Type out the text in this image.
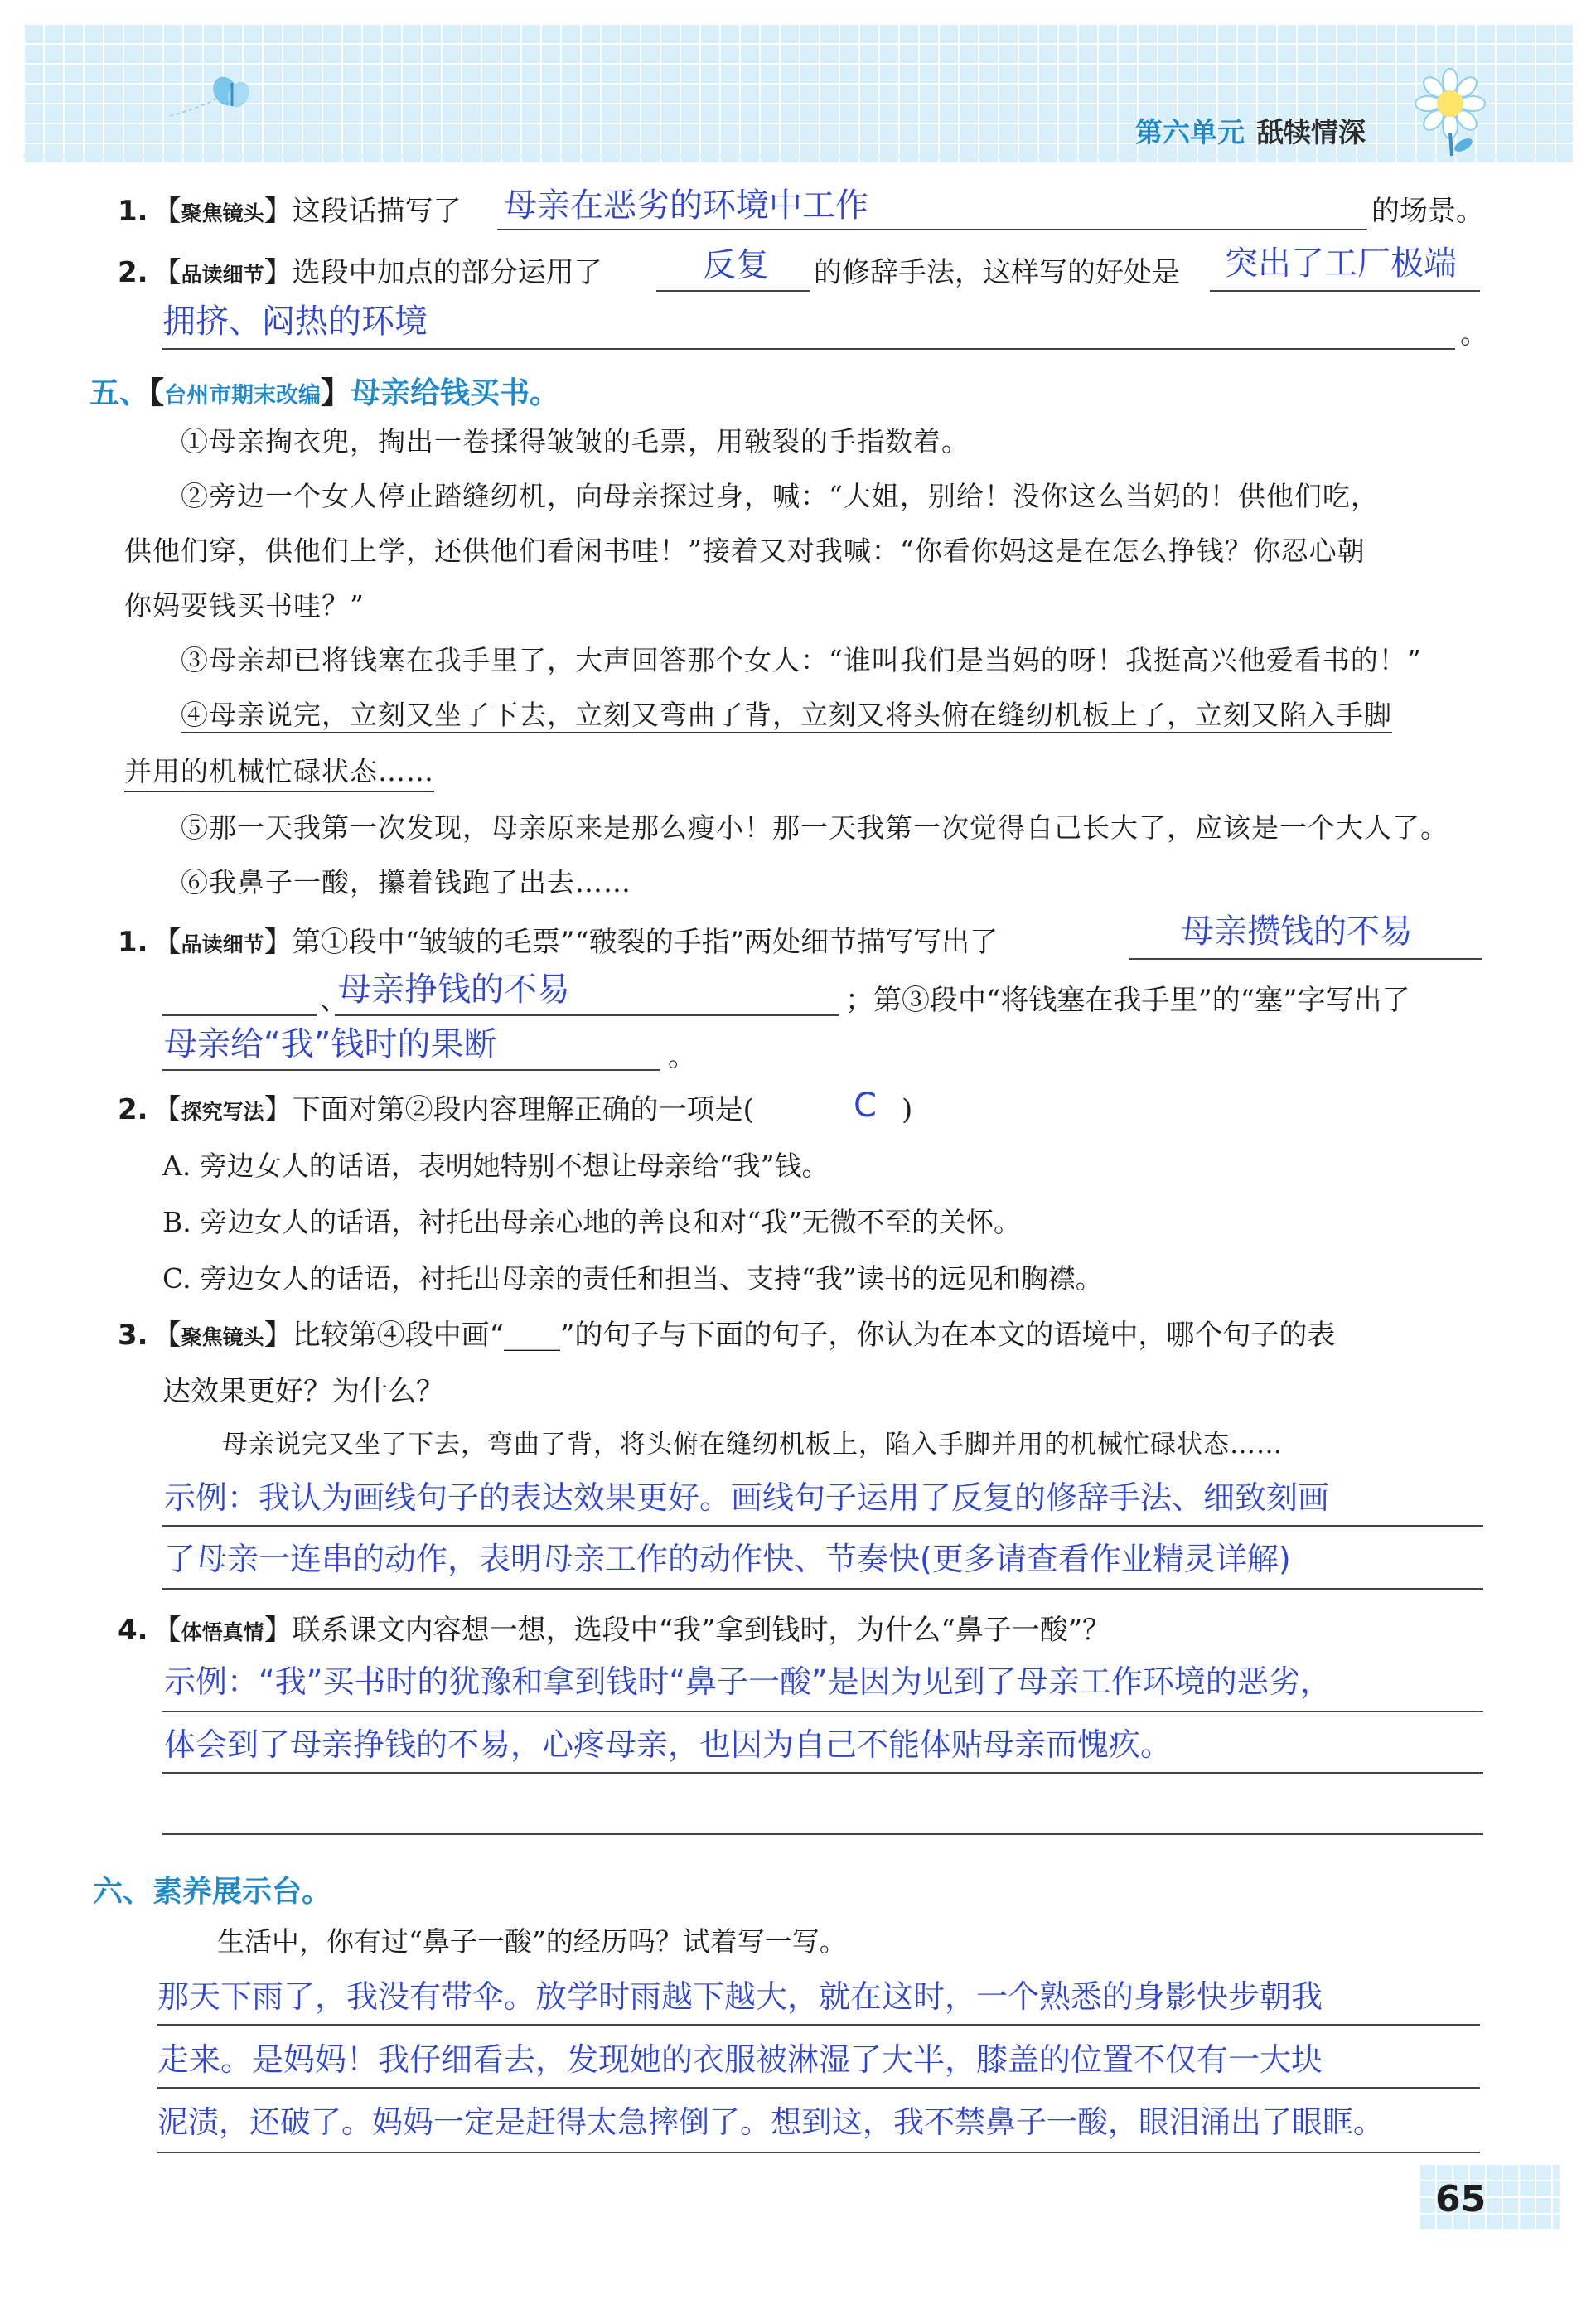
第六单元 舐犊情深
1. 【聚焦镜头】这段话描写了 母亲在恶劣的环境中工作	的场景。
2. 【品读细节】选段中加点的部分运用了	反复 的修辞手法，这样写的好处是 突出了工厂极端
拥挤、闷热的环境	。
五、【台州市期末改编】母亲给钱买书。
①母亲掏衣兜，掏出一卷揉得皱皱的毛票，用皲裂的手指数着。
②旁边一个女人停止踏缝纫机，向母亲探过身，喊：“大姐，别给！没你这么当妈的！供他们吃，
供他们穿，供他们上学，还供他们看闲书哇！”接着又对我喊：“你看你妈这是在怎么挣钱？你忍心朝
你妈要钱买书哇？”
③母亲却已将钱塞在我手里了，大声回答那个女人：“谁叫我们是当妈的呀！我挺高兴他爱看书的！”
④母亲说完，立刻又坐了下去，立刻又弯曲了背，立刻又将头俯在缝纫机板上了，立刻又陷入手脚
并用的机械忙碌状态……
⑤那一天我第一次发现，母亲原来是那么瘦小！那一天我第一次觉得自己长大了，应该是一个大人了。
⑥我鼻子一酸，攥着钱跑了出去……
1. 【品读细节】第①段中“皱皱的毛票”“皲裂的手指”两处细节描写写出了	母亲攒钱的不易
、
母亲挣钱的不易	；第③段中“将钱塞在我手里”的“塞”字写出了
母亲给“我”钱时的果断	。
2. 【探究写法】下面对第②段内容理解正确的一项是(	C )
A. 旁边女人的话语，表明她特别不想让母亲给“我”钱。
B. 旁边女人的话语，衬托出母亲心地的善良和对“我”无微不至的关怀。
C. 旁边女人的话语，衬托出母亲的责任和担当、支持“我”读书的远见和胸襟。
3. 【聚焦镜头】比较第④段中画“____”的句子与下面的句子，你认为在本文的语境中，哪个句子的表
达效果更好？为什么？
母亲说完又坐了下去，弯曲了背，将头俯在缝纫机板上，陷入手脚并用的机械忙碌状态……
示例：我认为画线句子的表达效果更好。画线句子运用了反复的修辞手法、细致刻画
了母亲一连串的动作，表明母亲工作的动作快、节奏快(更多请查看作业精灵详解)
4. 【体悟真情】联系课文内容想一想，选段中“我”拿到钱时，为什么“鼻子一酸”？
示例：“我”买书时的犹豫和拿到钱时“鼻子一酸”是因为见到了母亲工作环境的恶劣，
体会到了母亲挣钱的不易，心疼母亲，也因为自己不能体贴母亲而愧疚。
六、素养展示台。
生活中，你有过“鼻子一酸”的经历吗？试着写一写。
那天下雨了，我没有带伞。放学时雨越下越大，就在这时，一个熟悉的身影快步朝我
走来。是妈妈！我仔细看去，发现她的衣服被淋湿了大半，膝盖的位置不仅有一大块
泥渍，还破了。妈妈一定是赶得太急摔倒了。想到这，我不禁鼻子一酸，眼泪涌出了眼眶。
65
